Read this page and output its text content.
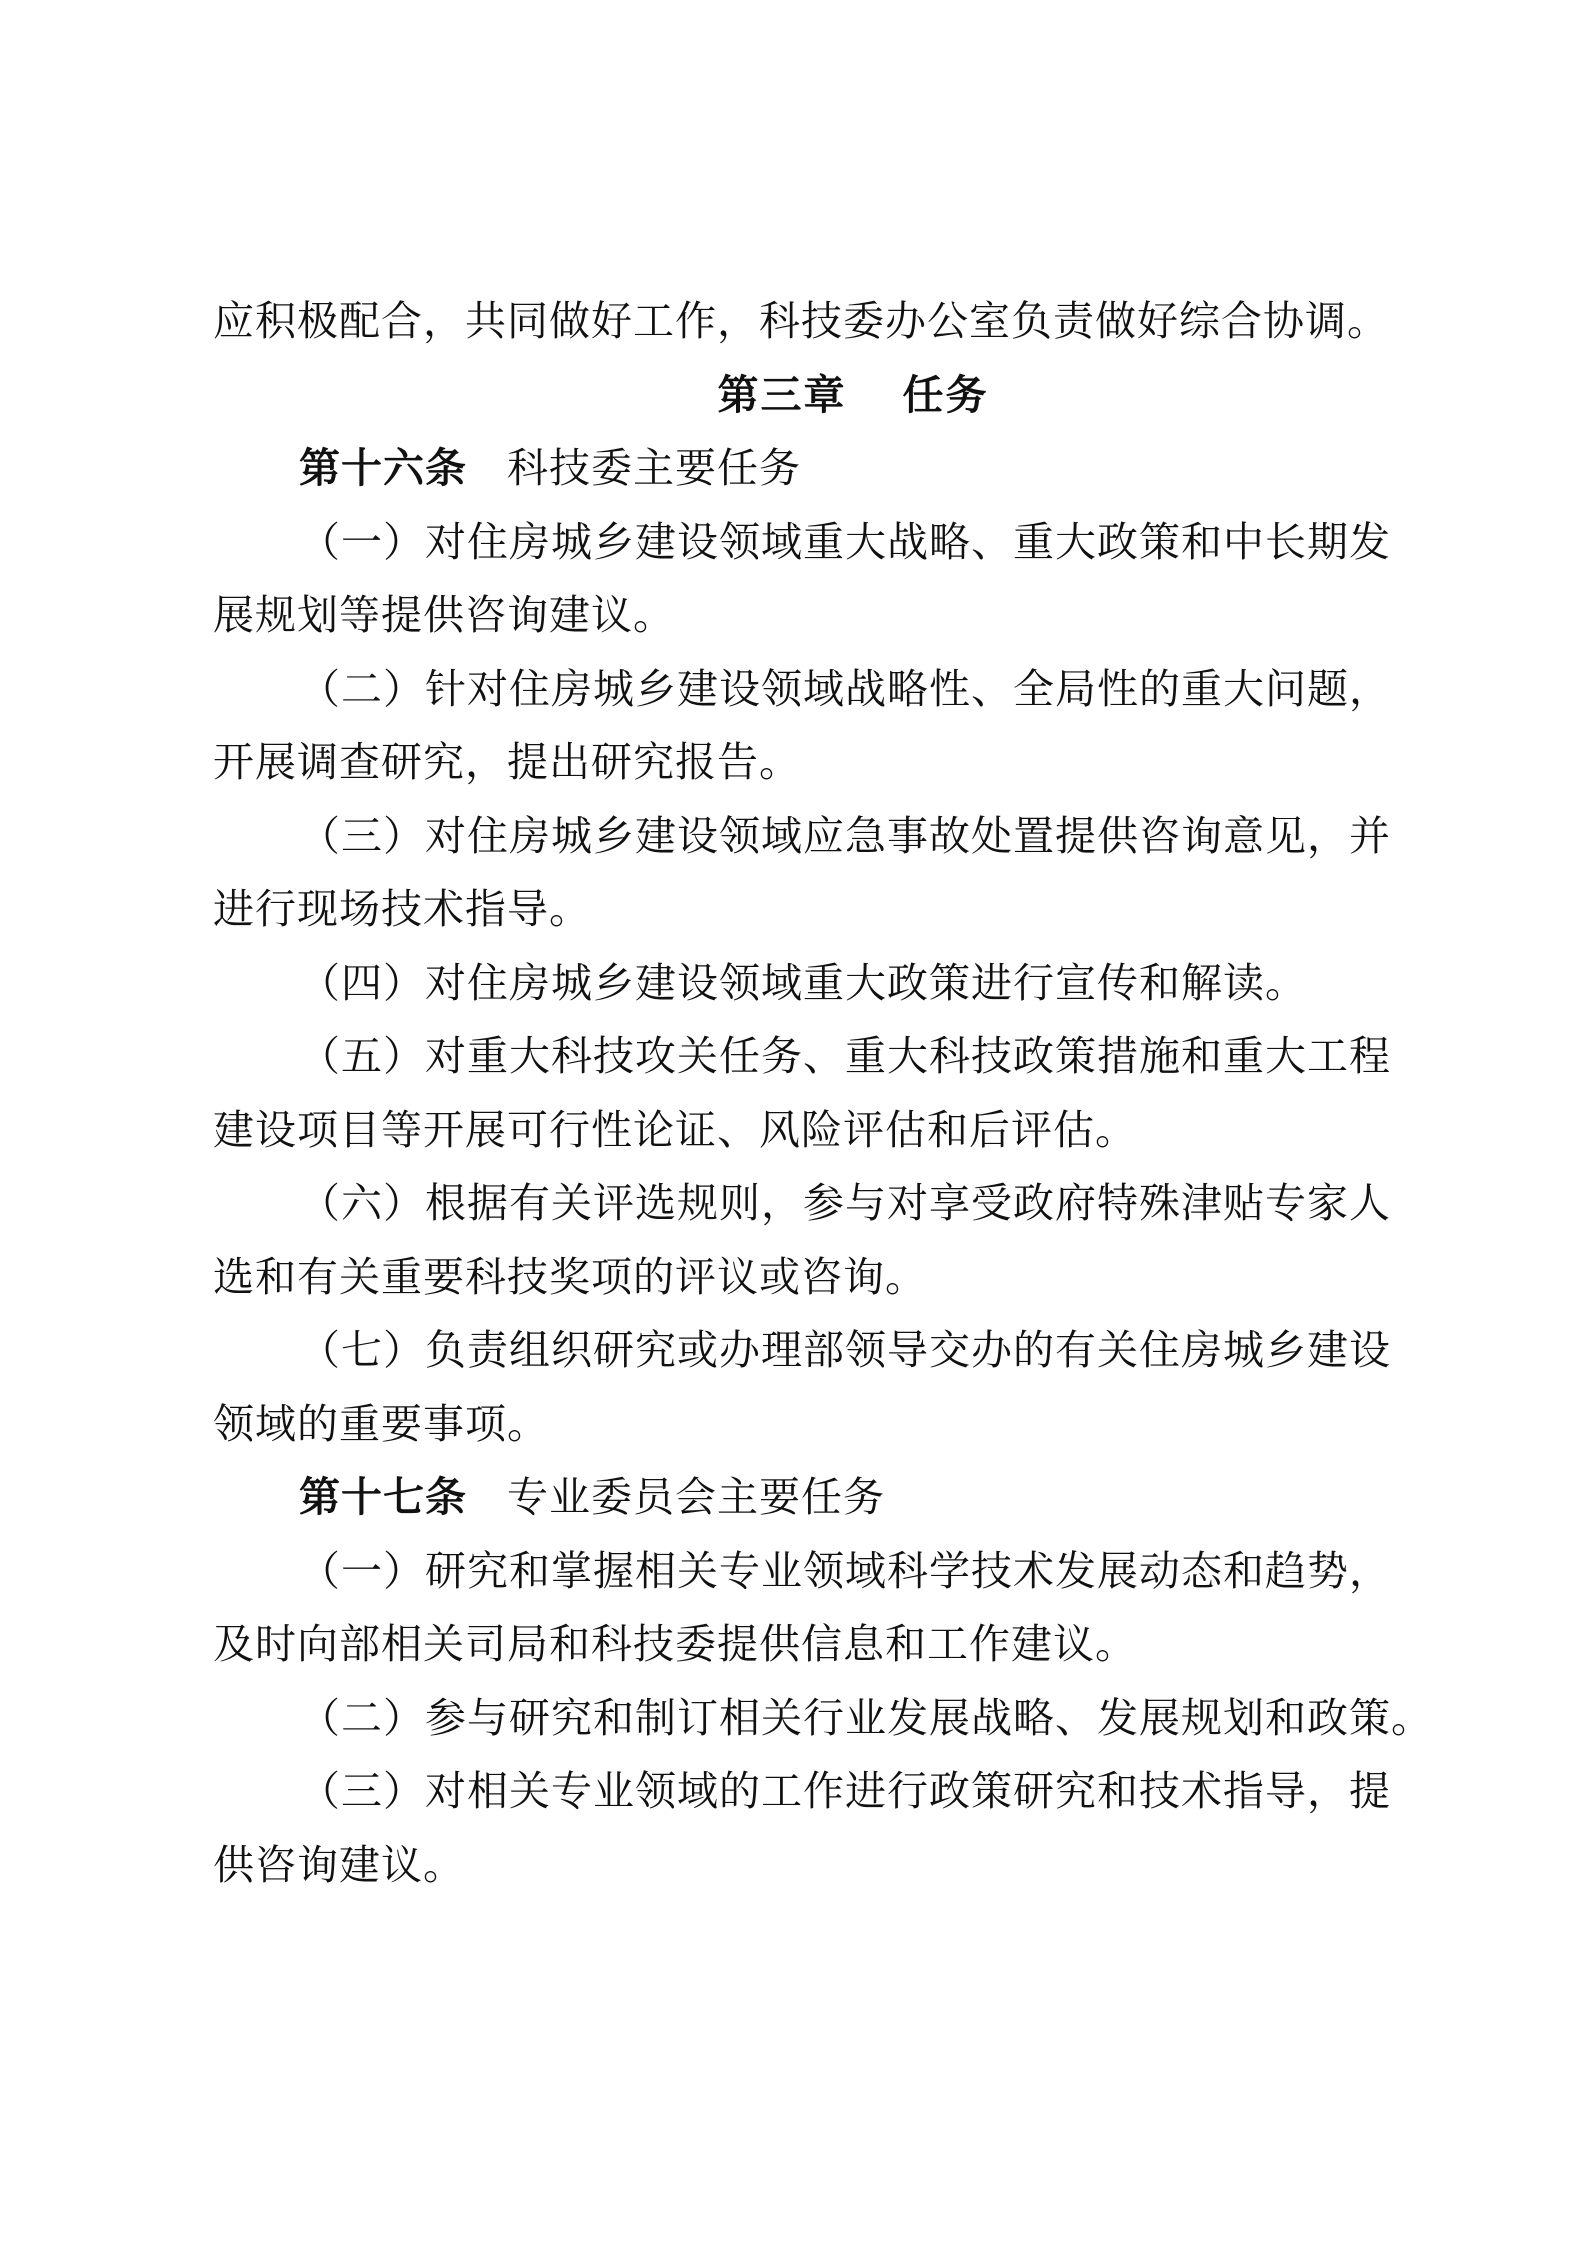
应积极配合，共同做好工作，科技委办公室负责做好综合协调。
第三章 任务
第十六条 科技委主要任务
（一）对住房城乡建设领域重大战略、重大政策和中长期发
展规划等提供咨询建议。
（二）针对住房城乡建设领域战略性、全局性的重大问题，
开展调查研究，提出研究报告。
（三）对住房城乡建设领域应急事故处置提供咨询意见，并
进行现场技术指导。
（四）对住房城乡建设领域重大政策进行宣传和解读。
（五）对重大科技攻关任务、重大科技政策措施和重大工程
建设项目等开展可行性论证、风险评估和后评估。
（六）根据有关评选规则，参与对享受政府特殊津贴专家人
选和有关重要科技奖项的评议或咨询。
（七）负责组织研究或办理部领导交办的有关住房城乡建设
领域的重要事项。
第十七条 专业委员会主要任务
（一）研究和掌握相关专业领域科学技术发展动态和趋势，
及时向部相关司局和科技委提供信息和工作建议。
（二）参与研究和制订相关行业发展战略、发展规划和政策。
（三）对相关专业领域的工作进行政策研究和技术指导，提
供咨询建议。
